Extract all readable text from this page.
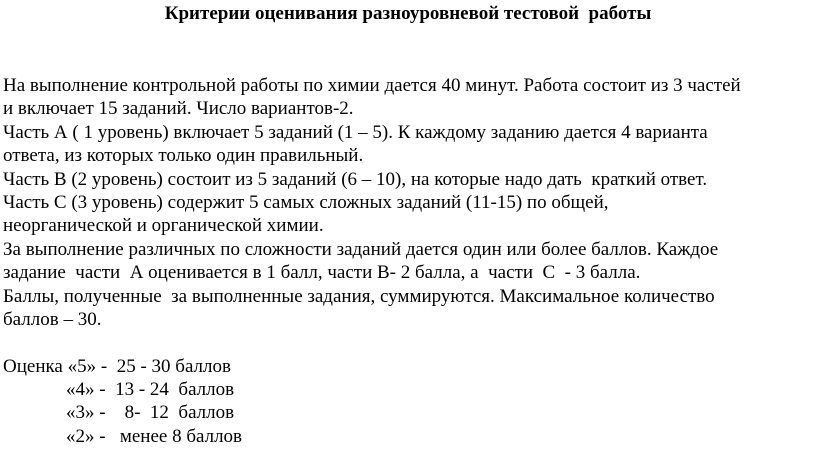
Критерии оценивания разноуровневой тестовой  работы
На выполнение контрольной работы по химии дается 40 минут. Работа состоит из 3 частей
и включает 15 заданий. Число вариантов-2.
Часть А ( 1 уровень) включает 5 заданий (1 – 5). К каждому заданию дается 4 варианта
ответа, из которых только один правильный.
Часть В (2 уровень) состоит из 5 заданий (6 – 10), на которые надо дать  краткий ответ.
Часть С (3 уровень) содержит 5 самых сложных заданий (11-15) по общей,
неорганической и органической химии.
За выполнение различных по сложности заданий дается один или более баллов. Каждое
задание  части  А оценивается в 1 балл, части В- 2 балла, а  части  С  - 3 балла.
Баллы, полученные  за выполненные задания, суммируются. Максимальное количество
баллов – 30.
Оценка «5» -  25 - 30 баллов
«4» -  13 - 24  баллов
«3» -    8-  12  баллов
«2» -   менее 8 баллов
